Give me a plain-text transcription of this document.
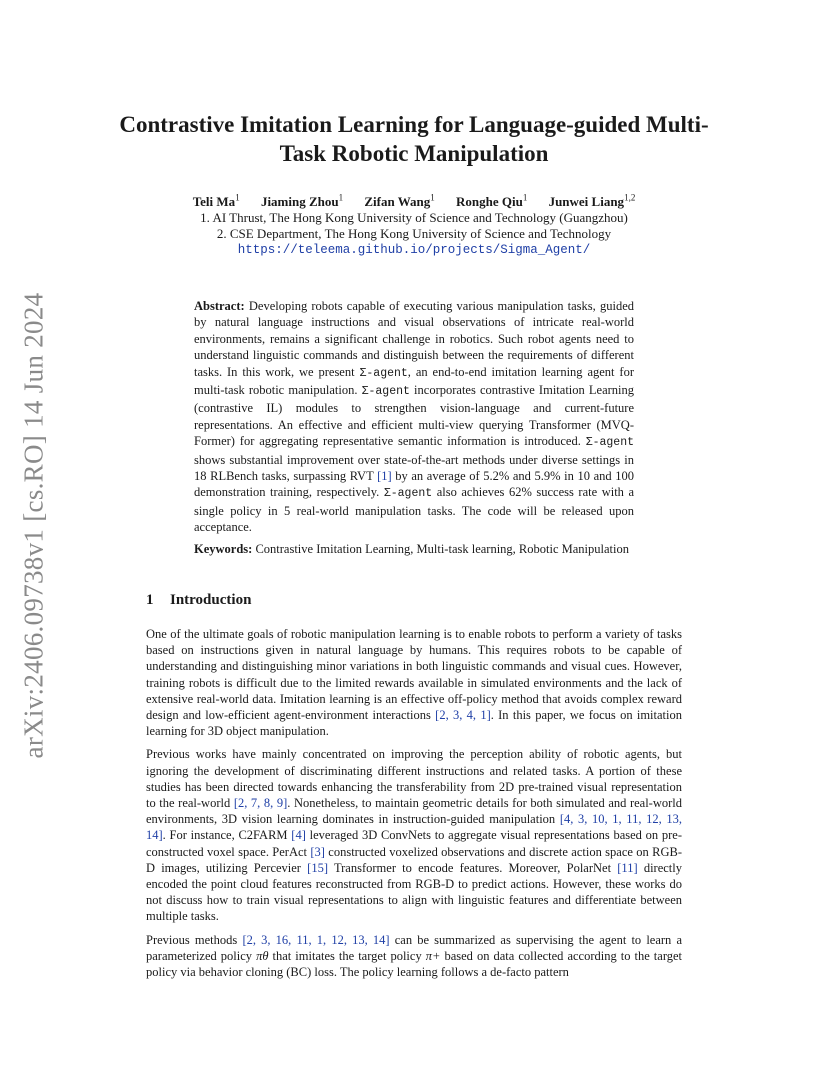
arXiv:2406.09738v1 [cs.RO] 14 Jun 2024
Contrastive Imitation Learning for Language-guided Multi-Task Robotic Manipulation
Teli Ma$^1$ Jiaming Zhou$^1$ Zifan Wang$^1$ Ronghe Qiu$^1$ Junwei Liang$^{1,2}$
1. AI Thrust, The Hong Kong University of Science and Technology (Guangzhou)
2. CSE Department, The Hong Kong University of Science and Technology
https://teleema.github.io/projects/Sigma_Agent/

Abstract: Developing robots capable of executing various manipulation tasks, guided by natural language instructions and visual observations of intricate real-world environments, remains a significant challenge in robotics. Such robot agents need to understand linguistic commands and distinguish between the requirements of different tasks. In this work, we present Σ-agent, an end-to-end imitation learning agent for multi-task robotic manipulation. Σ-agent incorporates contrastive Imitation Learning (contrastive IL) modules to strengthen vision-language and current-future representations. An effective and efficient multi-view querying Transformer (MVQ-Former) for aggregating representative semantic information is introduced. Σ-agent shows substantial improvement over state-of-the-art methods under diverse settings in 18 RLBench tasks, surpassing RVT [1] by an average of 5.2% and 5.9% in 10 and 100 demonstration training, respectively. Σ-agent also achieves 62% success rate with a single policy in 5 real-world manipulation tasks. The code will be released upon acceptance.

Keywords: Contrastive Imitation Learning, Multi-task learning, Robotic Manipulation

1 Introduction

One of the ultimate goals of robotic manipulation learning is to enable robots to perform a variety of tasks based on instructions given in natural language by humans. This requires robots to be capable of understanding and distinguishing minor variations in both linguistic commands and visual cues. However, training robots is difficult due to the limited rewards available in simulated environments and the lack of extensive real-world data. Imitation learning is an effective off-policy method that avoids complex reward design and low-efficient agent-environment interactions [2, 3, 4, 1]. In this paper, we focus on imitation learning for 3D object manipulation.

Previous works have mainly concentrated on improving the perception ability of robotic agents, but ignoring the development of discriminating different instructions and related tasks. A portion of these studies has been directed towards enhancing the transferability from 2D pre-trained visual representation to the real-world [2, 7, 8, 9]. Nonetheless, to maintain geometric details for both simulated and real-world environments, 3D vision learning dominates in instruction-guided manipulation [4, 3, 10, 1, 11, 12, 13, 14]. For instance, C2FARM [4] leveraged 3D ConvNets to aggregate visual representations based on pre-constructed voxel space. PerAct [3] constructed voxelized observations and discrete action space on RGB-D images, utilizing Percevier [15] Transformer to encode features. Moreover, PolarNet [11] directly encoded the point cloud features reconstructed from RGB-D to predict actions. However, these works do not discuss how to train visual representations to align with linguistic features and differentiate between multiple tasks.

Previous methods [2, 3, 16, 11, 1, 12, 13, 14] can be summarized as supervising the agent to learn a parameterized policy πθ that imitates the target policy π+ based on data collected according to the target policy via behavior cloning (BC) loss. The policy learning follows a de-facto pattern
